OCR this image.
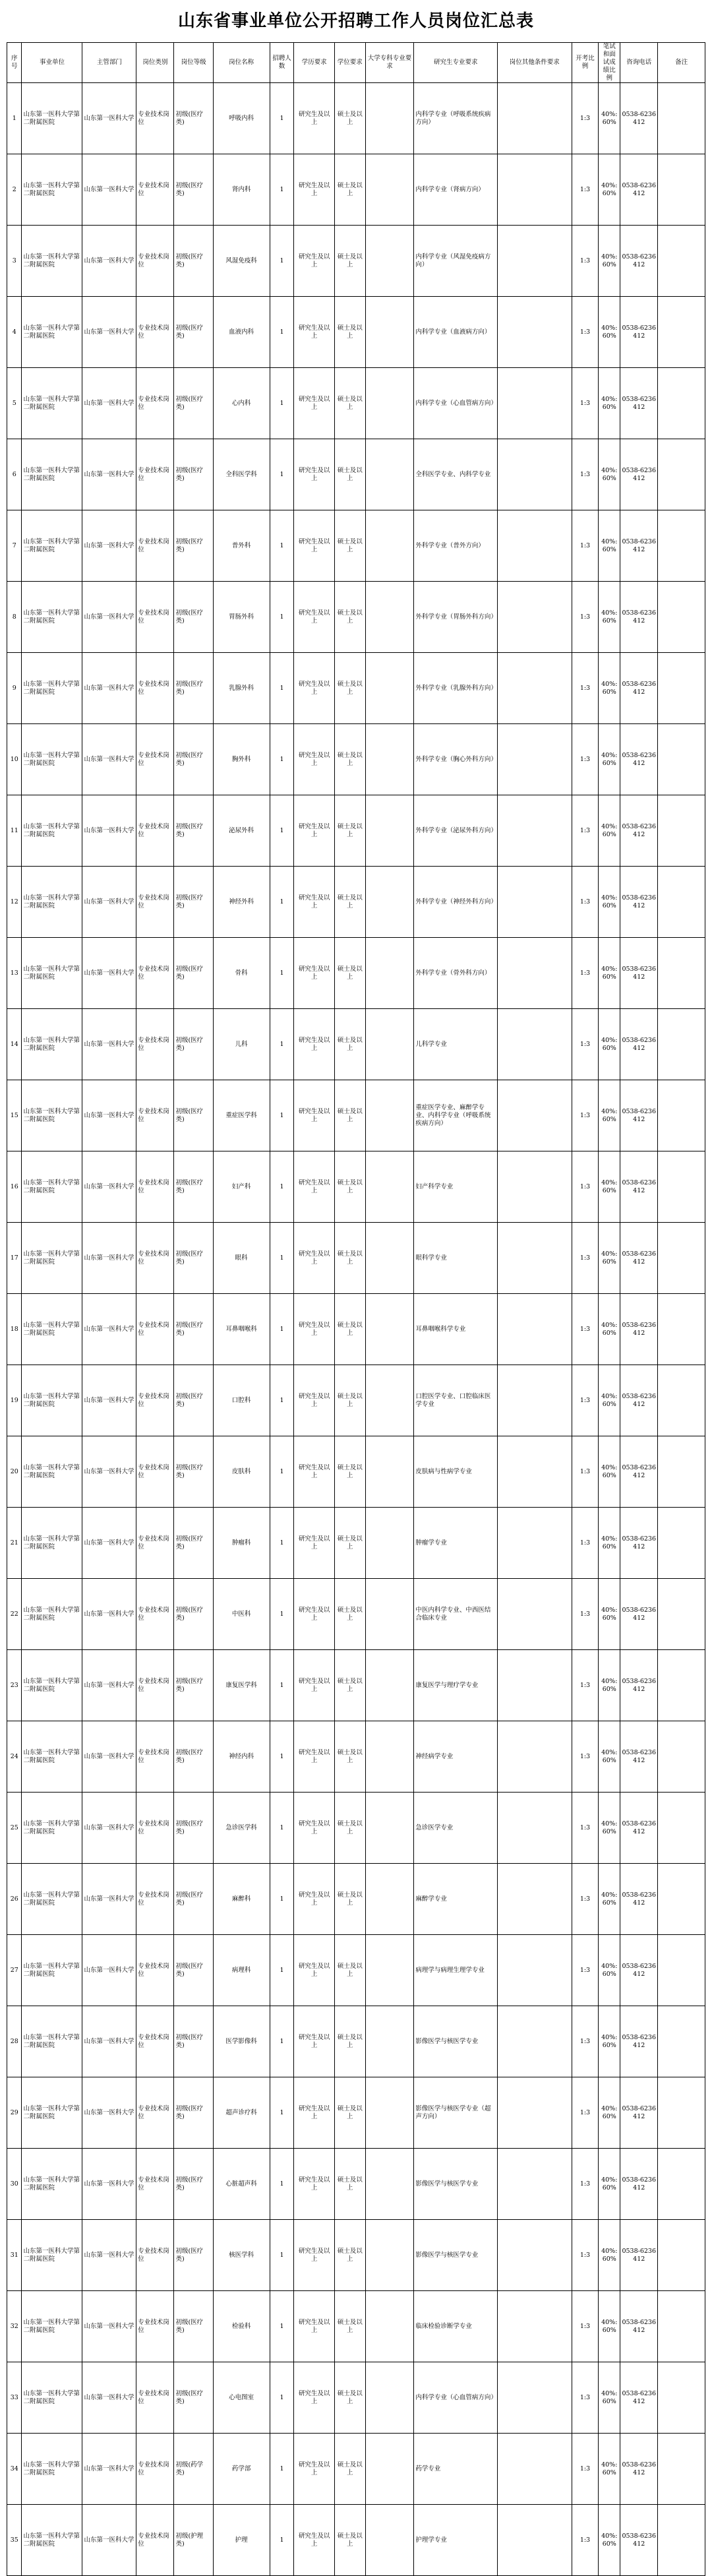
山东省事业单位公开招聘工作人员岗位汇总表
序号	事业单位	主管部门	岗位类别	岗位等级	岗位名称	招聘人数	学历要求	学位要求	大学专科专业要求	研究生专业要求	岗位其他条件要求	开考比例	笔试和面试成绩比例	咨询电话	备注
1	山东第一医科大学第二附属医院	山东第一医科大学	专业技术岗位	初级(医疗类)	呼吸内科	1	研究生及以上	硕士及以上		内科学专业（呼吸系统疾病方向）		1:3	40%:60%	0538-6236412	
2	山东第一医科大学第二附属医院	山东第一医科大学	专业技术岗位	初级(医疗类)	肾内科	1	研究生及以上	硕士及以上		内科学专业（肾病方向）		1:3	40%:60%	0538-6236412	
3	山东第一医科大学第二附属医院	山东第一医科大学	专业技术岗位	初级(医疗类)	风湿免疫科	1	研究生及以上	硕士及以上		内科学专业（风湿免疫病方向）		1:3	40%:60%	0538-6236412	
4	山东第一医科大学第二附属医院	山东第一医科大学	专业技术岗位	初级(医疗类)	血液内科	1	研究生及以上	硕士及以上		内科学专业（血液病方向）		1:3	40%:60%	0538-6236412	
5	山东第一医科大学第二附属医院	山东第一医科大学	专业技术岗位	初级(医疗类)	心内科	1	研究生及以上	硕士及以上		内科学专业（心血管病方向）		1:3	40%:60%	0538-6236412	
6	山东第一医科大学第二附属医院	山东第一医科大学	专业技术岗位	初级(医疗类)	全科医学科	1	研究生及以上	硕士及以上		全科医学专业、内科学专业		1:3	40%:60%	0538-6236412	
7	山东第一医科大学第二附属医院	山东第一医科大学	专业技术岗位	初级(医疗类)	普外科	1	研究生及以上	硕士及以上		外科学专业（普外方向）		1:3	40%:60%	0538-6236412	
8	山东第一医科大学第二附属医院	山东第一医科大学	专业技术岗位	初级(医疗类)	胃肠外科	1	研究生及以上	硕士及以上		外科学专业（胃肠外科方向）		1:3	40%:60%	0538-6236412	
9	山东第一医科大学第二附属医院	山东第一医科大学	专业技术岗位	初级(医疗类)	乳腺外科	1	研究生及以上	硕士及以上		外科学专业（乳腺外科方向）		1:3	40%:60%	0538-6236412	
10	山东第一医科大学第二附属医院	山东第一医科大学	专业技术岗位	初级(医疗类)	胸外科	1	研究生及以上	硕士及以上		外科学专业（胸心外科方向）		1:3	40%:60%	0538-6236412	
11	山东第一医科大学第二附属医院	山东第一医科大学	专业技术岗位	初级(医疗类)	泌尿外科	1	研究生及以上	硕士及以上		外科学专业（泌尿外科方向）		1:3	40%:60%	0538-6236412	
12	山东第一医科大学第二附属医院	山东第一医科大学	专业技术岗位	初级(医疗类)	神经外科	1	研究生及以上	硕士及以上		外科学专业（神经外科方向）		1:3	40%:60%	0538-6236412	
13	山东第一医科大学第二附属医院	山东第一医科大学	专业技术岗位	初级(医疗类)	骨科	1	研究生及以上	硕士及以上		外科学专业（骨外科方向）		1:3	40%:60%	0538-6236412	
14	山东第一医科大学第二附属医院	山东第一医科大学	专业技术岗位	初级(医疗类)	儿科	1	研究生及以上	硕士及以上		儿科学专业		1:3	40%:60%	0538-6236412	
15	山东第一医科大学第二附属医院	山东第一医科大学	专业技术岗位	初级(医疗类)	重症医学科	1	研究生及以上	硕士及以上		重症医学专业、麻醉学专业、内科学专业（呼吸系统疾病方向）		1:3	40%:60%	0538-6236412	
16	山东第一医科大学第二附属医院	山东第一医科大学	专业技术岗位	初级(医疗类)	妇产科	1	研究生及以上	硕士及以上		妇产科学专业		1:3	40%:60%	0538-6236412	
17	山东第一医科大学第二附属医院	山东第一医科大学	专业技术岗位	初级(医疗类)	眼科	1	研究生及以上	硕士及以上		眼科学专业		1:3	40%:60%	0538-6236412	
18	山东第一医科大学第二附属医院	山东第一医科大学	专业技术岗位	初级(医疗类)	耳鼻咽喉科	1	研究生及以上	硕士及以上		耳鼻咽喉科学专业		1:3	40%:60%	0538-6236412	
19	山东第一医科大学第二附属医院	山东第一医科大学	专业技术岗位	初级(医疗类)	口腔科	1	研究生及以上	硕士及以上		口腔医学专业、口腔临床医学专业		1:3	40%:60%	0538-6236412	
20	山东第一医科大学第二附属医院	山东第一医科大学	专业技术岗位	初级(医疗类)	皮肤科	1	研究生及以上	硕士及以上		皮肤病与性病学专业		1:3	40%:60%	0538-6236412	
21	山东第一医科大学第二附属医院	山东第一医科大学	专业技术岗位	初级(医疗类)	肿瘤科	1	研究生及以上	硕士及以上		肿瘤学专业		1:3	40%:60%	0538-6236412	
22	山东第一医科大学第二附属医院	山东第一医科大学	专业技术岗位	初级(医疗类)	中医科	1	研究生及以上	硕士及以上		中医内科学专业、中西医结合临床专业		1:3	40%:60%	0538-6236412	
23	山东第一医科大学第二附属医院	山东第一医科大学	专业技术岗位	初级(医疗类)	康复医学科	1	研究生及以上	硕士及以上		康复医学与理疗学专业		1:3	40%:60%	0538-6236412	
24	山东第一医科大学第二附属医院	山东第一医科大学	专业技术岗位	初级(医疗类)	神经内科	1	研究生及以上	硕士及以上		神经病学专业		1:3	40%:60%	0538-6236412	
25	山东第一医科大学第二附属医院	山东第一医科大学	专业技术岗位	初级(医疗类)	急诊医学科	1	研究生及以上	硕士及以上		急诊医学专业		1:3	40%:60%	0538-6236412	
26	山东第一医科大学第二附属医院	山东第一医科大学	专业技术岗位	初级(医疗类)	麻醉科	1	研究生及以上	硕士及以上		麻醉学专业		1:3	40%:60%	0538-6236412	
27	山东第一医科大学第二附属医院	山东第一医科大学	专业技术岗位	初级(医疗类)	病理科	1	研究生及以上	硕士及以上		病理学与病理生理学专业		1:3	40%:60%	0538-6236412	
28	山东第一医科大学第二附属医院	山东第一医科大学	专业技术岗位	初级(医疗类)	医学影像科	1	研究生及以上	硕士及以上		影像医学与核医学专业		1:3	40%:60%	0538-6236412	
29	山东第一医科大学第二附属医院	山东第一医科大学	专业技术岗位	初级(医疗类)	超声诊疗科	1	研究生及以上	硕士及以上		影像医学与核医学专业（超声方向）		1:3	40%:60%	0538-6236412	
30	山东第一医科大学第二附属医院	山东第一医科大学	专业技术岗位	初级(医疗类)	心脏超声科	1	研究生及以上	硕士及以上		影像医学与核医学专业		1:3	40%:60%	0538-6236412	
31	山东第一医科大学第二附属医院	山东第一医科大学	专业技术岗位	初级(医疗类)	核医学科	1	研究生及以上	硕士及以上		影像医学与核医学专业		1:3	40%:60%	0538-6236412	
32	山东第一医科大学第二附属医院	山东第一医科大学	专业技术岗位	初级(医疗类)	检验科	1	研究生及以上	硕士及以上		临床检验诊断学专业		1:3	40%:60%	0538-6236412	
33	山东第一医科大学第二附属医院	山东第一医科大学	专业技术岗位	初级(医疗类)	心电图室	1	研究生及以上	硕士及以上		内科学专业（心血管病方向）		1:3	40%:60%	0538-6236412	
34	山东第一医科大学第二附属医院	山东第一医科大学	专业技术岗位	初级(药学类)	药学部	1	研究生及以上	硕士及以上		药学专业		1:3	40%:60%	0538-6236412	
35	山东第一医科大学第二附属医院	山东第一医科大学	专业技术岗位	初级(护理类)	护理	1	研究生及以上	硕士及以上		护理学专业		1:3	40%:60%	0538-6236412	
